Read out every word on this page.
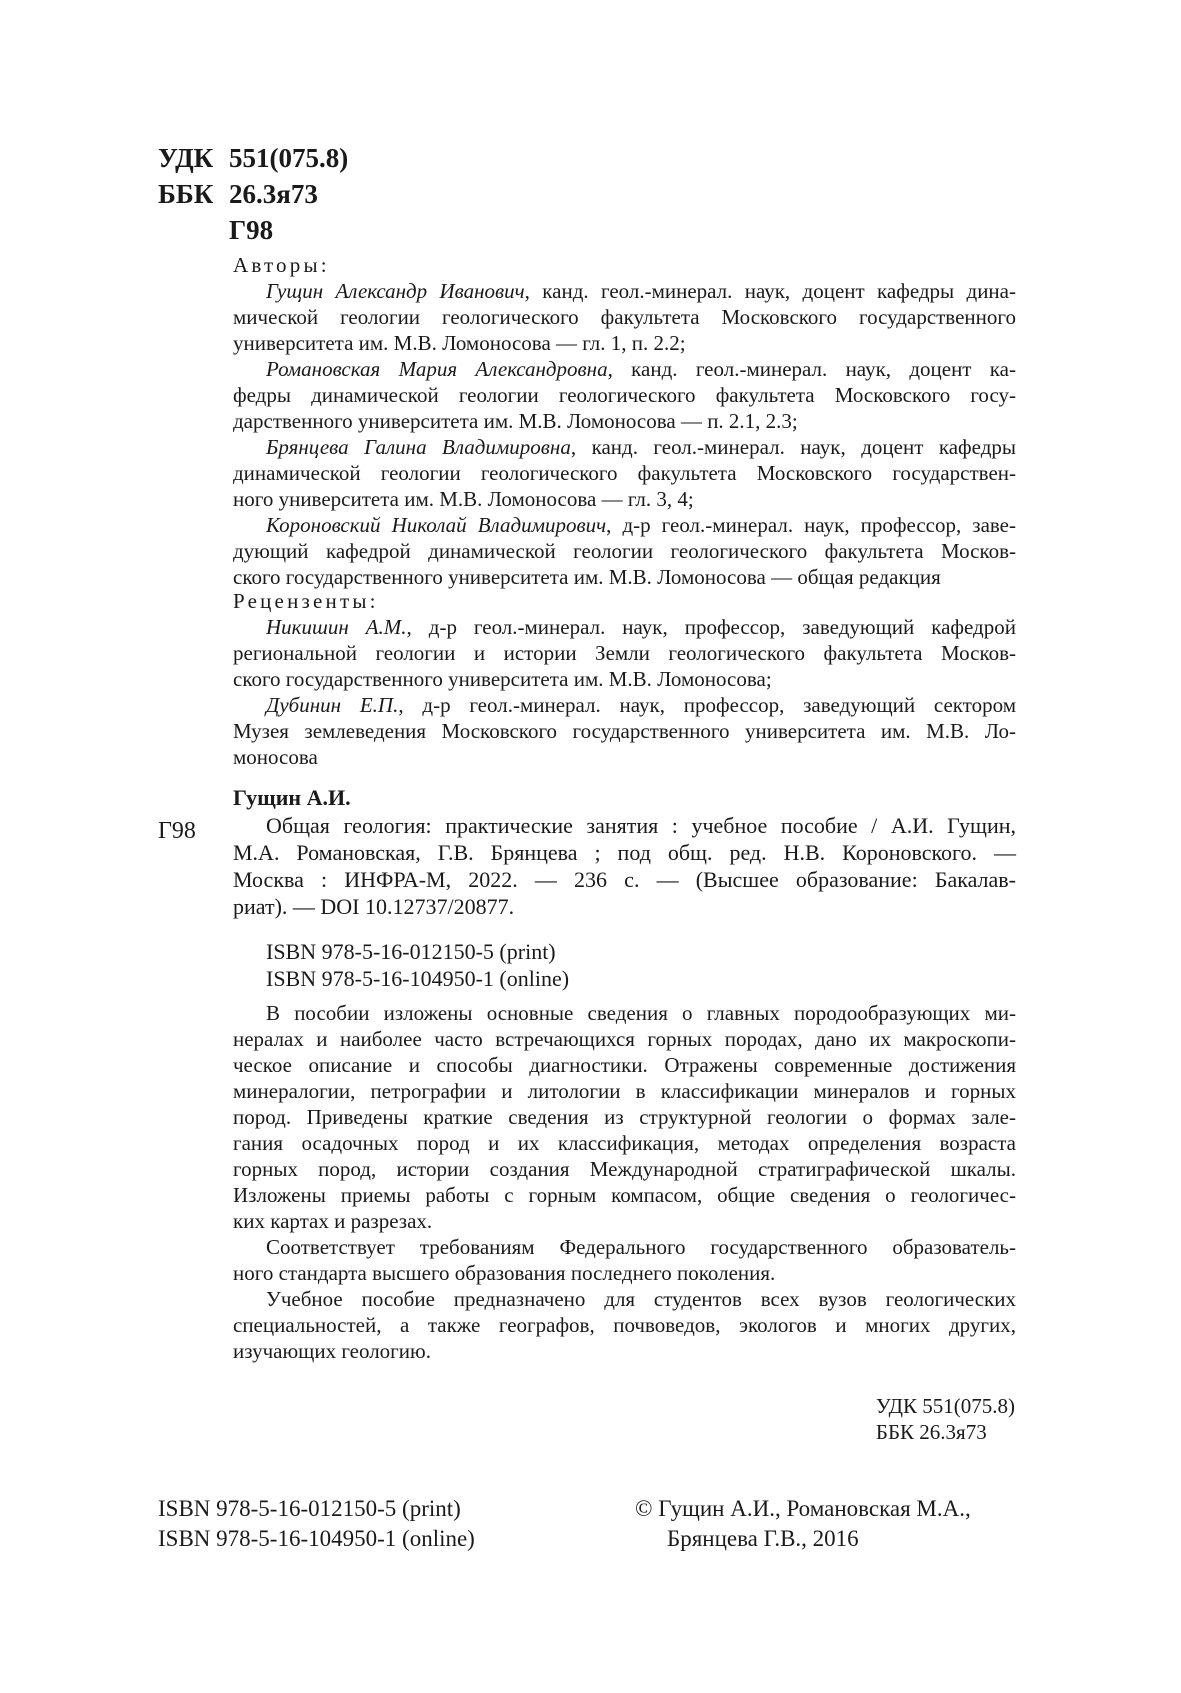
УДК 551(075.8)
ББК 26.3я73
Г98
Авторы:
Гущин Александр Иванович, канд. геол.-минерал. наук, доцент кафедры дина-
мической геологии геологического факультета Московского государственного
университета им. М.В. Ломоносова — гл. 1, п. 2.2;
Романовская Мария Александровна, канд. геол.-минерал. наук, доцент ка-
федры динамической геологии геологического факультета Московского госу-
дарственного университета им. М.В. Ломоносова — п. 2.1, 2.3;
Брянцева Галина Владимировна, канд. геол.-минерал. наук, доцент кафедры
динамической геологии геологического факультета Московского государствен-
ного университета им. М.В. Ломоносова — гл. 3, 4;
Короновский Николай Владимирович, д-р геол.-минерал. наук, профессор, заве-
дующий кафедрой динамической геологии геологического факультета Москов-
ского государственного университета им. М.В. Ломоносова — общая редакция
Рецензенты:
Никишин А.М., д-р геол.-минерал. наук, профессор, заведующий кафедрой
региональной геологии и истории Земли геологического факультета Москов-
ского государственного университета им. М.В. Ломоносова;
Дубинин Е.П., д-р геол.-минерал. наук, профессор, заведующий сектором
Музея землеведения Московского государственного университета им. М.В. Ло-
моносова
Гущин А.И.
Г98	Общая геология: практические занятия : учебное пособие / А.И. Гущин,
М.А. Романовская, Г.В. Брянцева ; под общ. ред. Н.В. Короновского. —
Москва : ИНФРА-М, 2022. — 236 с. — (Высшее образование: Бакалав-
риат). — DOI 10.12737/20877.
ISBN 978-5-16-012150-5 (print)
ISBN 978-5-16-104950-1 (online)
В пособии изложены основные сведения о главных породообразующих ми-
нералах и наиболее часто встречающихся горных породах, дано их макроскопи-
ческое описание и способы диагностики. Отражены современные достижения
минералогии, петрографии и литологии в классификации минералов и горных
пород. Приведены краткие сведения из структурной геологии о формах зале-
гания осадочных пород и их классификация, методах определения возраста
горных пород, истории создания Международной стратиграфической шкалы.
Изложены приемы работы с горным компасом, общие сведения о геологичес-
ких картах и разрезах.
Соответствует требованиям Федерального государственного образователь-
ного стандарта высшего образования последнего поколения.
Учебное пособие предназначено для студентов всех вузов геологических
специальностей, а также географов, почвоведов, экологов и многих других,
изучающих геологию.
УДК 551(075.8)
ББК 26.3я73
ISBN 978-5-16-012150-5 (print)
ISBN 978-5-16-104950-1 (online)
© Гущин А.И., Романовская М.А.,
Брянцева Г.В., 2016
